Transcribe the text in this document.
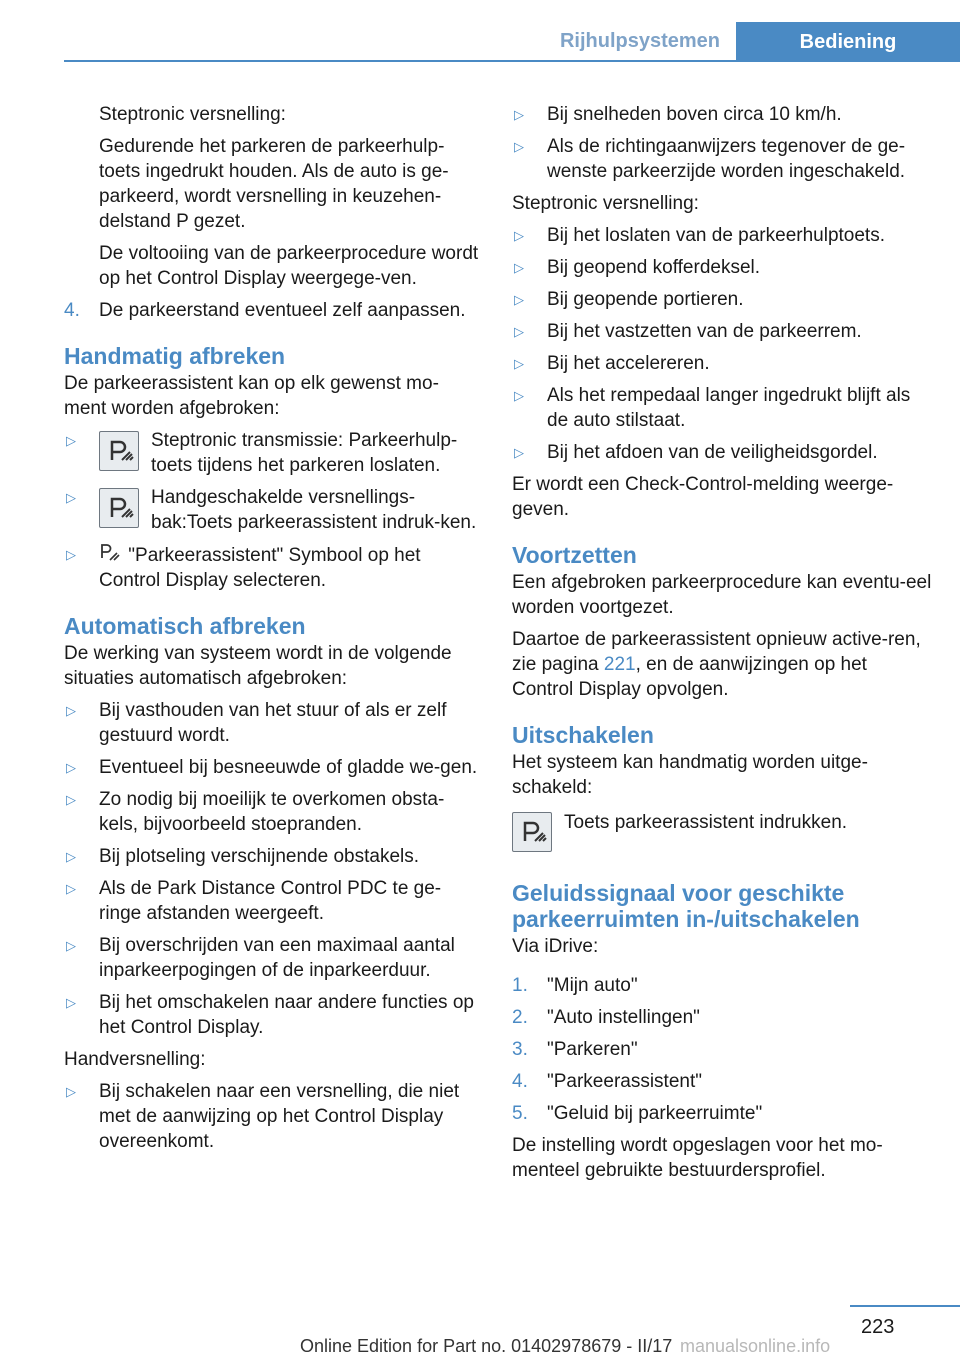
Rijhulpsystemen	Bediening

Steptronic versnelling:

Gedurende het parkeren de parkeerhulp-toets ingedrukt houden. Als de auto is ge-parkeerd, wordt versnelling in keuzehen-delstand P gezet.

De voltooiing van de parkeerprocedure wordt op het Control Display weergege-ven.

4. De parkeerstand eventueel zelf aanpassen.
Handmatig afbreken

De parkeerassistent kan op elk gewenst mo-ment worden afgebroken:

▷	Steptronic transmissie: Parkeerhulp-toets tijdens het parkeren loslaten.
▷	Handgeschakelde versnellings-bak:Toets parkeerassistent indruk-ken.
▷	"Parkeerassistent" Symbool op het Control Display selecteren.
Automatisch afbreken

De werking van systeem wordt in de volgende situaties automatisch afgebroken:

▷ Bij vasthouden van het stuur of als er zelf gestuurd wordt.
▷ Eventueel bij besneeuwde of gladde we-gen.
▷ Zo nodig bij moeilijk te overkomen obsta-kels, bijvoorbeeld stoepranden.
▷ Bij plotseling verschijnende obstakels.
▷ Als de Park Distance Control PDC te ge-ringe afstanden weergeeft.
▷ Bij overschrijden van een maximaal aantal inparkeerpogingen of de inparkeerduur.
▷ Bij het omschakelen naar andere functies op het Control Display.

Handversnelling:

▷ Bij schakelen naar een versnelling, die niet met de aanwijzing op het Control Display overeenkomt.
▷ Bij snelheden boven circa 10 km/h.
▷ Als de richtingaanwijzers tegenover de ge-wenste parkeerzijde worden ingeschakeld.

Steptronic versnelling:

▷ Bij het loslaten van de parkeerhulptoets.
▷ Bij geopend kofferdeksel.
▷ Bij geopende portieren.
▷ Bij het vastzetten van de parkeerrem.
▷ Bij het accelereren.
▷ Als het rempedaal langer ingedrukt blijft als de auto stilstaat.
▷ Bij het afdoen van de veiligheidsgordel.

Er wordt een Check-Control-melding weerge-geven.

Voortzetten

Een afgebroken parkeerprocedure kan eventu-eel worden voortgezet.

Daartoe de parkeerassistent opnieuw active-ren, zie pagina 221, en de aanwijzingen op het Control Display opvolgen.

Uitschakelen

Het systeem kan handmatig worden uitge-schakeld:

Toets parkeerassistent indrukken.
Geluidssignaal voor geschikte parkeerruimten in-/uitschakelen

Via iDrive:

1. "Mijn auto"
2. "Auto instellingen"
3. "Parkeren"
4. "Parkeerassistent"
5. "Geluid bij parkeerruimte"

De instelling wordt opgeslagen voor het mo-menteel gebruikte bestuurdersprofiel.

223
Online Edition for Part no. 01402978679 - II/17 manualsonline.info
